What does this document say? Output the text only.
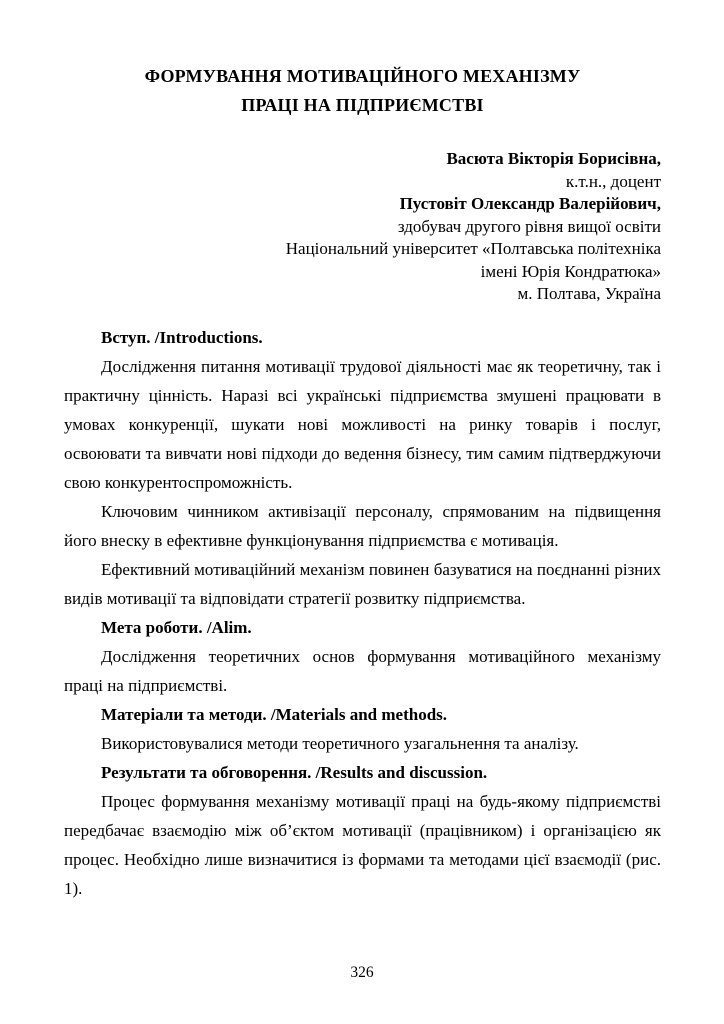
ФОРМУВАННЯ МОТИВАЦІЙНОГО МЕХАНІЗМУ
ПРАЦІ НА ПІДПРИЄМСТВІ
Васюта Вікторія Борисівна,
к.т.н., доцент
Пустовіт Олександр Валерійович,
здобувач другого рівня вищої освіти
Національний університет «Полтавська політехніка
імені Юрія Кондратюка»
м. Полтава, Україна

Вступ. /Introductions.

Дослідження питання мотивації трудової діяльності має як теоретичну, так і практичну цінність. Наразі всі українські підприємства змушені працювати в умовах конкуренції, шукати нові можливості на ринку товарів і послуг, освоювати та вивчати нові підходи до ведення бізнесу, тим самим підтверджуючи свою конкурентоспроможність.

Ключовим чинником активізації персоналу, спрямованим на підвищення його внеску в ефективне функціонування підприємства є мотивація.

Ефективний мотиваційний механізм повинен базуватися на поєднанні різних видів мотивації та відповідати стратегії розвитку підприємства.

Мета роботи. /Alim.

Дослідження теоретичних основ формування мотиваційного механізму праці на підприємстві.

Матеріали та методи. /Materials and methods.

Використовувалися методи теоретичного узагальнення та аналізу.

Результати та обговорення. /Results and discussion.

Процес формування механізму мотивації праці на будь-якому підприємстві передбачає взаємодію між об’єктом мотивації (працівником) і організацією як процес. Необхідно лише визначитися із формами та методами цієї взаємодії (рис. 1).

326
